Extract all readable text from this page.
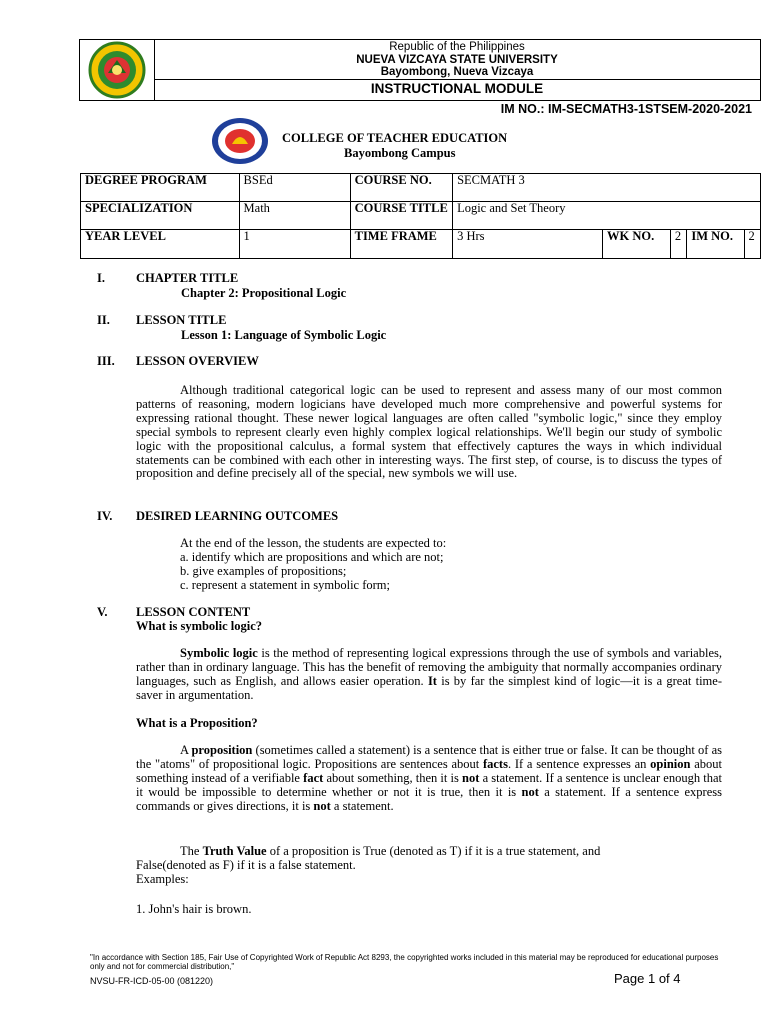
Republic of the Philippines
NUEVA VIZCAYA STATE UNIVERSITY
Bayombong, Nueva Vizcaya
INSTRUCTIONAL MODULE
IM NO.: IM-SECMATH3-1STSEM-2020-2021
COLLEGE OF TEACHER EDUCATION
Bayombong Campus
DEGREE PROGRAM	BSEd	COURSE NO.	SECMATH 3				
SPECIALIZATION	Math	COURSE TITLE	Logic and Set Theory				
YEAR LEVEL	1	TIME FRAME	3 Hrs	WK NO.	2	IM NO.	2
I.	CHAPTER TITLE
Chapter 2: Propositional Logic
II.	LESSON TITLE
Lesson 1: Language of Symbolic Logic
III.	LESSON OVERVIEW
Although traditional categorical logic can be used to represent and assess many of our most common patterns of reasoning, modern logicians have developed much more comprehensive and powerful systems for expressing rational thought. These newer logical languages are often called "symbolic logic," since they employ special symbols to represent clearly even highly complex logical relationships. We'll begin our study of symbolic logic with the propositional calculus, a formal system that effectively captures the ways in which individual statements can be combined with each other in interesting ways. The first step, of course, is to discuss the types of proposition and define precisely all of the special, new symbols we will use.
IV.	DESIRED LEARNING OUTCOMES
At the end of the lesson, the students are expected to:
a. identify which are propositions and which are not;
b. give examples of propositions;
c. represent a statement in symbolic form;
V.	LESSON CONTENT
What is symbolic logic?
Symbolic logic is the method of representing logical expressions through the use of symbols and variables, rather than in ordinary language. This has the benefit of removing the ambiguity that normally accompanies ordinary languages, such as English, and allows easier operation. It is by far the simplest kind of logic—it is a great time-saver in argumentation.
What is a Proposition?
A proposition (sometimes called a statement) is a sentence that is either true or false. It can be thought of as the "atoms" of propositional logic. Propositions are sentences about facts. If a sentence expresses an opinion about something instead of a verifiable fact about something, then it is not a statement. If a sentence is unclear enough that it would be impossible to determine whether or not it is true, then it is not a statement. If a sentence express commands or gives directions, it is not a statement.
The Truth Value of a proposition is True (denoted as T) if it is a true statement, and
False(denoted as F) if it is a false statement.
Examples:
1. John's hair is brown.
"In accordance with Section 185, Fair Use of Copyrighted Work of Republic Act 8293, the copyrighted works included in this material may be reproduced for educational purposes only and not for commercial distribution,"
NVSU-FR-ICD-05-00 (081220)	Page 1 of 4
